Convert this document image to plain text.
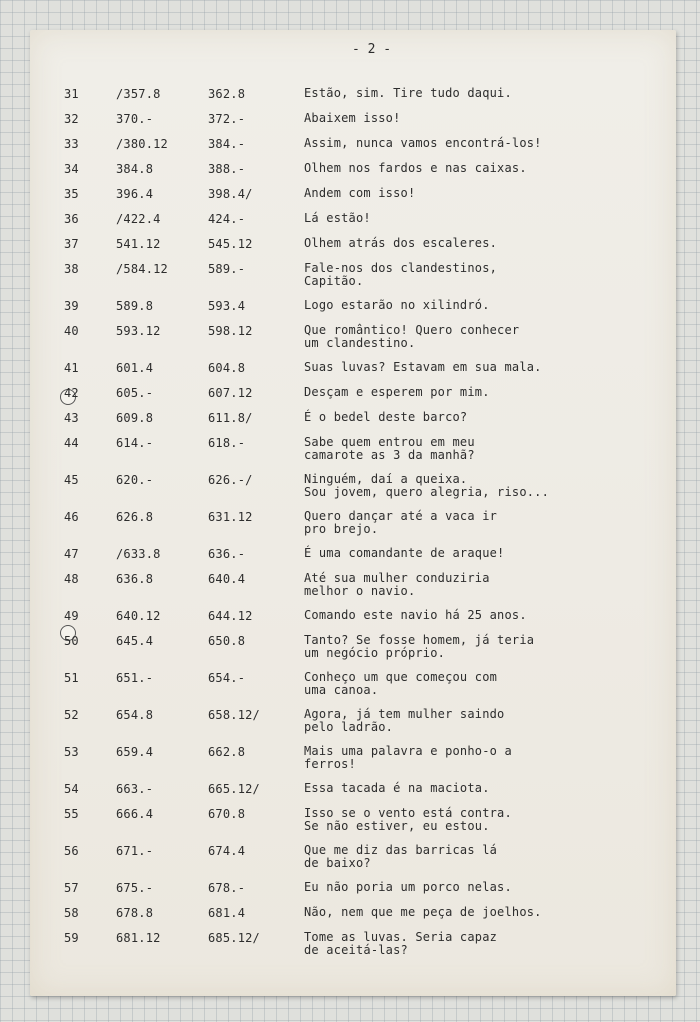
- 2 -
31	/357.8	362.8	Estão, sim. Tire tudo daqui.
32	370.-	372.-	Abaixem isso!
33	/380.12	384.-	Assim, nunca vamos encontrá-los!
34	384.8	388.-	Olhem nos fardos e nas caixas.
35	396.4	398.4/	Andem com isso!
36	/422.4	424.-	Lá estão!
37	541.12	545.12	Olhem atrás dos escaleres.
38	/584.12	589.-	Fale-nos dos clandestinos,
Capitão.
39	589.8	593.4	Logo estarão no xilindró.
40	593.12	598.12	Que romântico! Quero conhecer
um clandestino.
41	601.4	604.8	Suas luvas? Estavam em sua mala.
42	605.-	607.12	Desçam e esperem por mim.
43	609.8	611.8/	É o bedel deste barco?
44	614.-	618.-	Sabe quem entrou em meu
camarote as 3 da manhã?
45	620.-	626.-/	Ninguém, daí a queixa.
Sou jovem, quero alegria, riso...
46	626.8	631.12	Quero dançar até a vaca ir
pro brejo.
47	/633.8	636.-	É uma comandante de araque!
48	636.8	640.4	Até sua mulher conduziria
melhor o navio.
49	640.12	644.12	Comando este navio há 25 anos.
50	645.4	650.8	Tanto? Se fosse homem, já teria
um negócio próprio.
51	651.-	654.-	Conheço um que começou com
uma canoa.
52	654.8	658.12/	Agora, já tem mulher saindo
pelo ladrão.
53	659.4	662.8	Mais uma palavra e ponho-o a
ferros!
54	663.-	665.12/	Essa tacada é na maciota.
55	666.4	670.8	Isso se o vento está contra.
Se não estiver, eu estou.
56	671.-	674.4	Que me diz das barricas lá
de baixo?
57	675.-	678.-	Eu não poria um porco nelas.
58	678.8	681.4	Não, nem que me peça de joelhos.
59	681.12	685.12/	Tome as luvas. Seria capaz
de aceitá-las?
